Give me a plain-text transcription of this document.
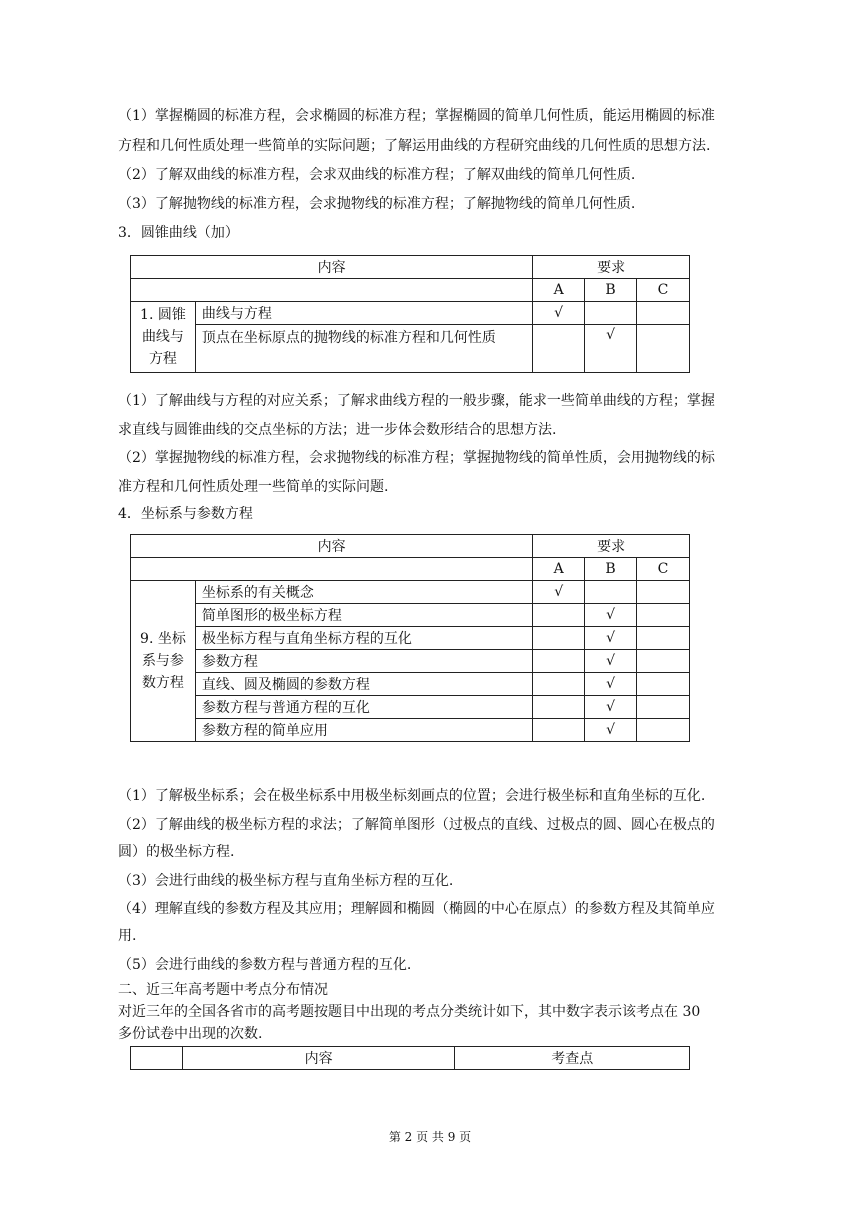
（1）掌握椭圆的标准方程，会求椭圆的标准方程；掌握椭圆的简单几何性质，能运用椭圆的标准
方程和几何性质处理一些简单的实际问题；了解运用曲线的方程研究曲线的几何性质的思想方法.
（2）了解双曲线的标准方程，会求双曲线的标准方程；了解双曲线的简单几何性质.
（3）了解抛物线的标准方程，会求抛物线的标准方程；了解抛物线的简单几何性质.
3．圆锥曲线（加）
内容		要求		
		A	B	C

1. 圆锥
曲线与
方程	曲线与方程	√		
	顶点在坐标原点的抛物线的标准方程和几何性质		√	
（1）了解曲线与方程的对应关系；了解求曲线方程的一般步骤，能求一些简单曲线的方程；掌握
求直线与圆锥曲线的交点坐标的方法；进一步体会数形结合的思想方法.
（2）掌握抛物线的标准方程，会求抛物线的标准方程；掌握抛物线的简单性质，会用抛物线的标
准方程和几何性质处理一些简单的实际问题.
4．坐标系与参数方程
内容		要求		
		A	B	C

9. 坐标
系与参
数方程	坐标系的有关概念	√		
	简单图形的极坐标方程		√	
	极坐标方程与直角坐标方程的互化		√	
	参数方程		√	
	直线、圆及椭圆的参数方程		√	
	参数方程与普通方程的互化		√	
	参数方程的简单应用		√	
（1）了解极坐标系；会在极坐标系中用极坐标刻画点的位置；会进行极坐标和直角坐标的互化.
（2）了解曲线的极坐标方程的求法；了解简单图形（过极点的直线、过极点的圆、圆心在极点的
圆）的极坐标方程.
（3）会进行曲线的极坐标方程与直角坐标方程的互化.
（4）理解直线的参数方程及其应用；理解圆和椭圆（椭圆的中心在原点）的参数方程及其简单应
用.
（5）会进行曲线的参数方程与普通方程的互化.
二、近三年高考题中考点分布情况
对近三年的全国各省市的高考题按题目中出现的考点分类统计如下，其中数字表示该考点在 30
多份试卷中出现的次数.
	内容	考查点
第 2 页 共 9 页
